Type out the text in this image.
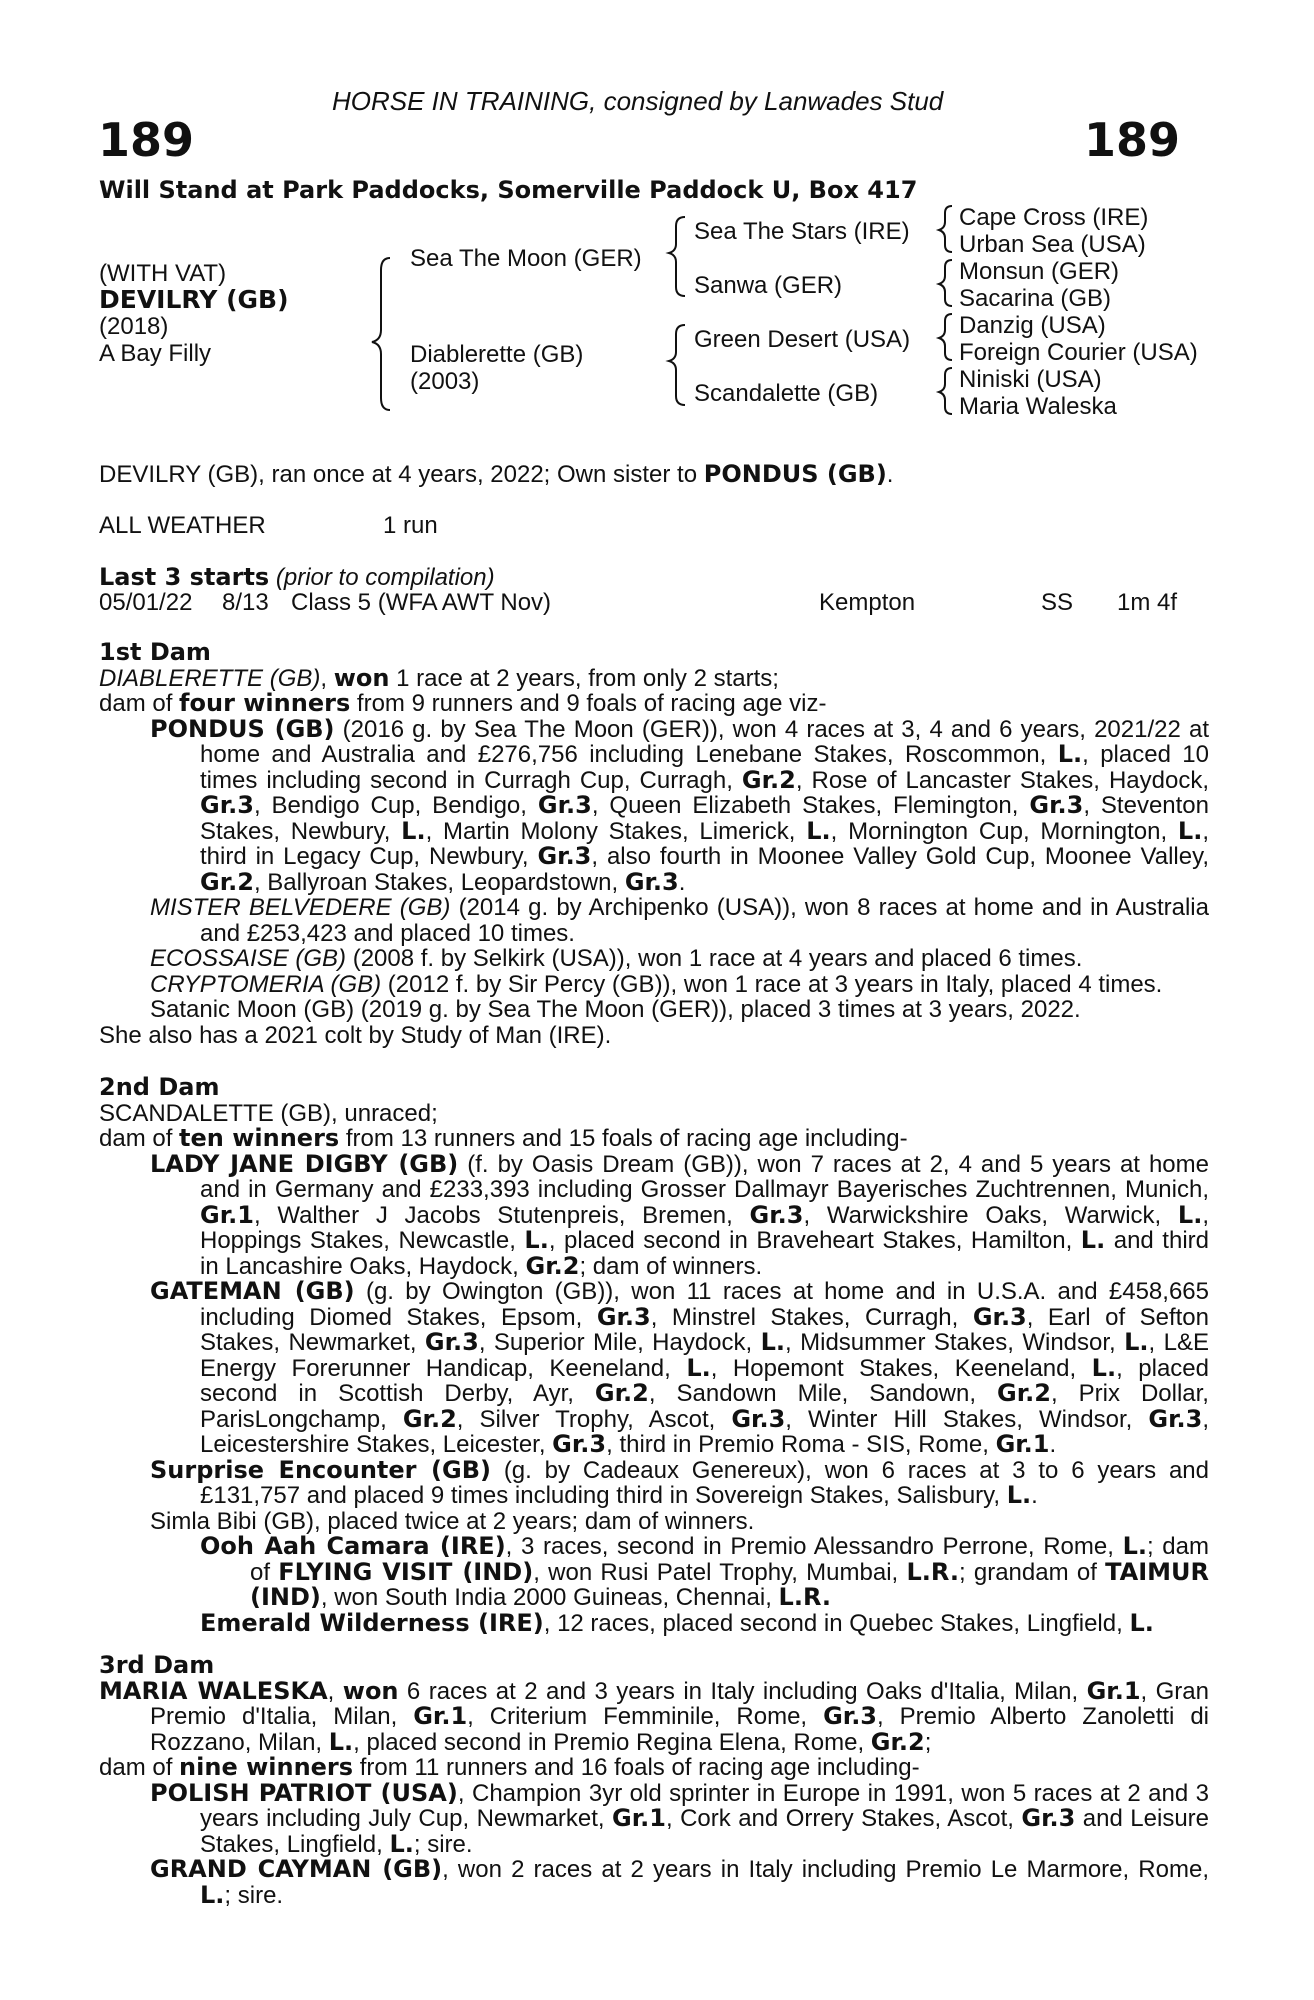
HORSE IN TRAINING, consigned by Lanwades Stud
189	189
Will Stand at Park Paddocks, Somerville Paddock U, Box 417
(WITH VAT)
DEVILRY (GB)
(2018)
A Bay Filly
Sea The Moon (GER)
Diablerette (GB)
(2003)
Sea The Stars (IRE)
Sanwa (GER)
Green Desert (USA)
Scandalette (GB)
Cape Cross (IRE)
Urban Sea (USA)
Monsun (GER)
Sacarina (GB)
Danzig (USA)
Foreign Courier (USA)
Niniski (USA)
Maria Waleska
DEVILRY (GB), ran once at 4 years, 2022; Own sister to PONDUS (GB).
ALL WEATHER	1 run
Last 3 starts (prior to compilation)
05/01/22 8/13 Class 5 (WFA AWT Nov)	Kempton	SS 1m 4f

1st Dam

DIABLERETTE (GB), won 1 race at 2 years, from only 2 starts;

dam of four winners from 9 runners and 9 foals of racing age viz-

PONDUS (GB) (2016 g. by Sea The Moon (GER)), won 4 races at 3, 4 and 6 years, 2021/22 at home and Australia and £276,756 including Lenebane Stakes, Roscommon, L., placed 10 times including second in Curragh Cup, Curragh, Gr.2, Rose of Lancaster Stakes, Haydock, Gr.3, Bendigo Cup, Bendigo, Gr.3, Queen Elizabeth Stakes, Flemington, Gr.3, Steventon Stakes, Newbury, L., Martin Molony Stakes, Limerick, L., Mornington Cup, Mornington, L., third in Legacy Cup, Newbury, Gr.3, also fourth in Moonee Valley Gold Cup, Moonee Valley, Gr.2, Ballyroan Stakes, Leopardstown, Gr.3.

MISTER BELVEDERE (GB) (2014 g. by Archipenko (USA)), won 8 races at home and in Australia and £253,423 and placed 10 times.

ECOSSAISE (GB) (2008 f. by Selkirk (USA)), won 1 race at 4 years and placed 6 times.

CRYPTOMERIA (GB) (2012 f. by Sir Percy (GB)), won 1 race at 3 years in Italy, placed 4 times.

Satanic Moon (GB) (2019 g. by Sea The Moon (GER)), placed 3 times at 3 years, 2022.

She also has a 2021 colt by Study of Man (IRE).

2nd Dam

SCANDALETTE (GB), unraced;

dam of ten winners from 13 runners and 15 foals of racing age including-

LADY JANE DIGBY (GB) (f. by Oasis Dream (GB)), won 7 races at 2, 4 and 5 years at home and in Germany and £233,393 including Grosser Dallmayr Bayerisches Zuchtrennen, Munich, Gr.1, Walther J Jacobs Stutenpreis, Bremen, Gr.3, Warwickshire Oaks, Warwick, L., Hoppings Stakes, Newcastle, L., placed second in Braveheart Stakes, Hamilton, L. and third in Lancashire Oaks, Haydock, Gr.2; dam of winners.

GATEMAN (GB) (g. by Owington (GB)), won 11 races at home and in U.S.A. and £458,665 including Diomed Stakes, Epsom, Gr.3, Minstrel Stakes, Curragh, Gr.3, Earl of Sefton Stakes, Newmarket, Gr.3, Superior Mile, Haydock, L., Midsummer Stakes, Windsor, L., L&E Energy Forerunner Handicap, Keeneland, L., Hopemont Stakes, Keeneland, L., placed second in Scottish Derby, Ayr, Gr.2, Sandown Mile, Sandown, Gr.2, Prix Dollar, ParisLongchamp, Gr.2, Silver Trophy, Ascot, Gr.3, Winter Hill Stakes, Windsor, Gr.3, Leicestershire Stakes, Leicester, Gr.3, third in Premio Roma - SIS, Rome, Gr.1.

Surprise Encounter (GB) (g. by Cadeaux Genereux), won 6 races at 3 to 6 years and £131,757 and placed 9 times including third in Sovereign Stakes, Salisbury, L..

Simla Bibi (GB), placed twice at 2 years; dam of winners.

Ooh Aah Camara (IRE), 3 races, second in Premio Alessandro Perrone, Rome, L.; dam of FLYING VISIT (IND), won Rusi Patel Trophy, Mumbai, L.R.; grandam of TAIMUR (IND), won South India 2000 Guineas, Chennai, L.R.

Emerald Wilderness (IRE), 12 races, placed second in Quebec Stakes, Lingfield, L.

3rd Dam

MARIA WALESKA, won 6 races at 2 and 3 years in Italy including Oaks d'Italia, Milan, Gr.1, Gran Premio d'Italia, Milan, Gr.1, Criterium Femminile, Rome, Gr.3, Premio Alberto Zanoletti di Rozzano, Milan, L., placed second in Premio Regina Elena, Rome, Gr.2;

dam of nine winners from 11 runners and 16 foals of racing age including-

POLISH PATRIOT (USA), Champion 3yr old sprinter in Europe in 1991, won 5 races at 2 and 3 years including July Cup, Newmarket, Gr.1, Cork and Orrery Stakes, Ascot, Gr.3 and Leisure Stakes, Lingfield, L.; sire.

GRAND CAYMAN (GB), won 2 races at 2 years in Italy including Premio Le Marmore, Rome, L.; sire.
